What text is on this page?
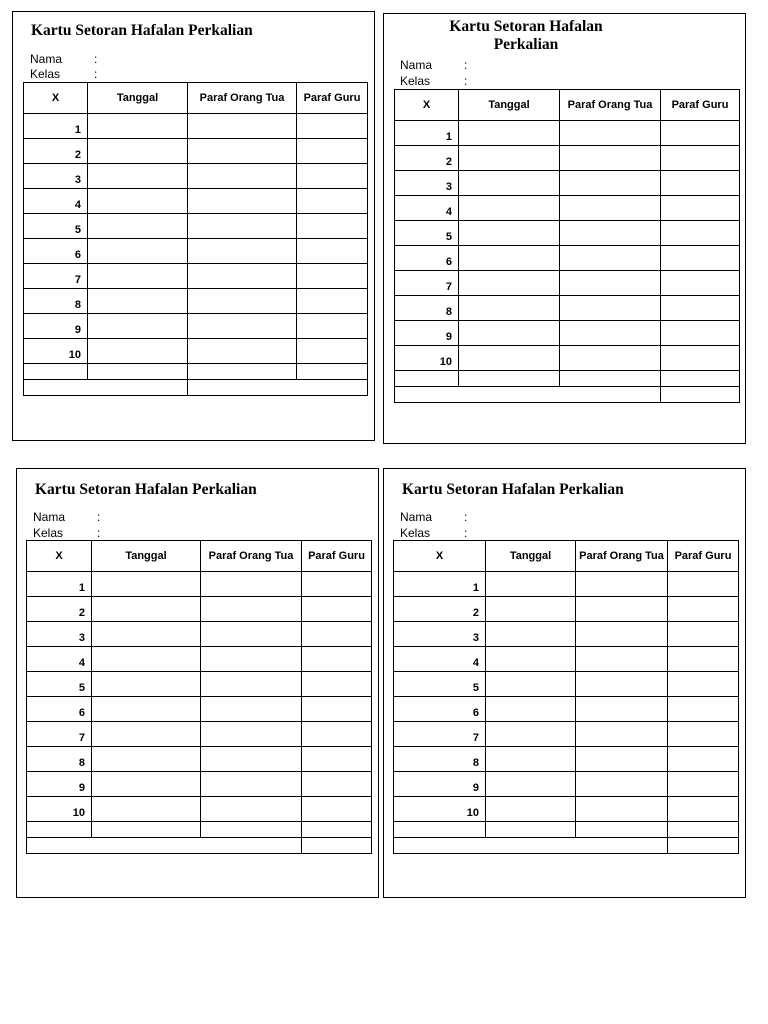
Kartu Setoran Hafalan Perkalian
Nama	:
Kelas	:
X	Tanggal	Paraf Orang Tua	Paraf Guru
1			
2			
3			
4			
5			
6			
7			
8			
9			
10			

Kartu Setoran Hafalan
Perkalian
Nama	:
Kelas	:
X	Tanggal	Paraf Orang Tua	Paraf Guru
1			
2			
3			
4			
5			
6			
7			
8			
9			
10			

Kartu Setoran Hafalan Perkalian
Nama	:
Kelas	:
X	Tanggal	Paraf Orang Tua	Paraf Guru
1			
2			
3			
4			
5			
6			
7			
8			
9			
10			

Kartu Setoran Hafalan Perkalian
Nama	:
Kelas	:
X	Tanggal	Paraf Orang Tua	Paraf Guru
1			
2			
3			
4			
5			
6			
7			
8			
9			
10			
